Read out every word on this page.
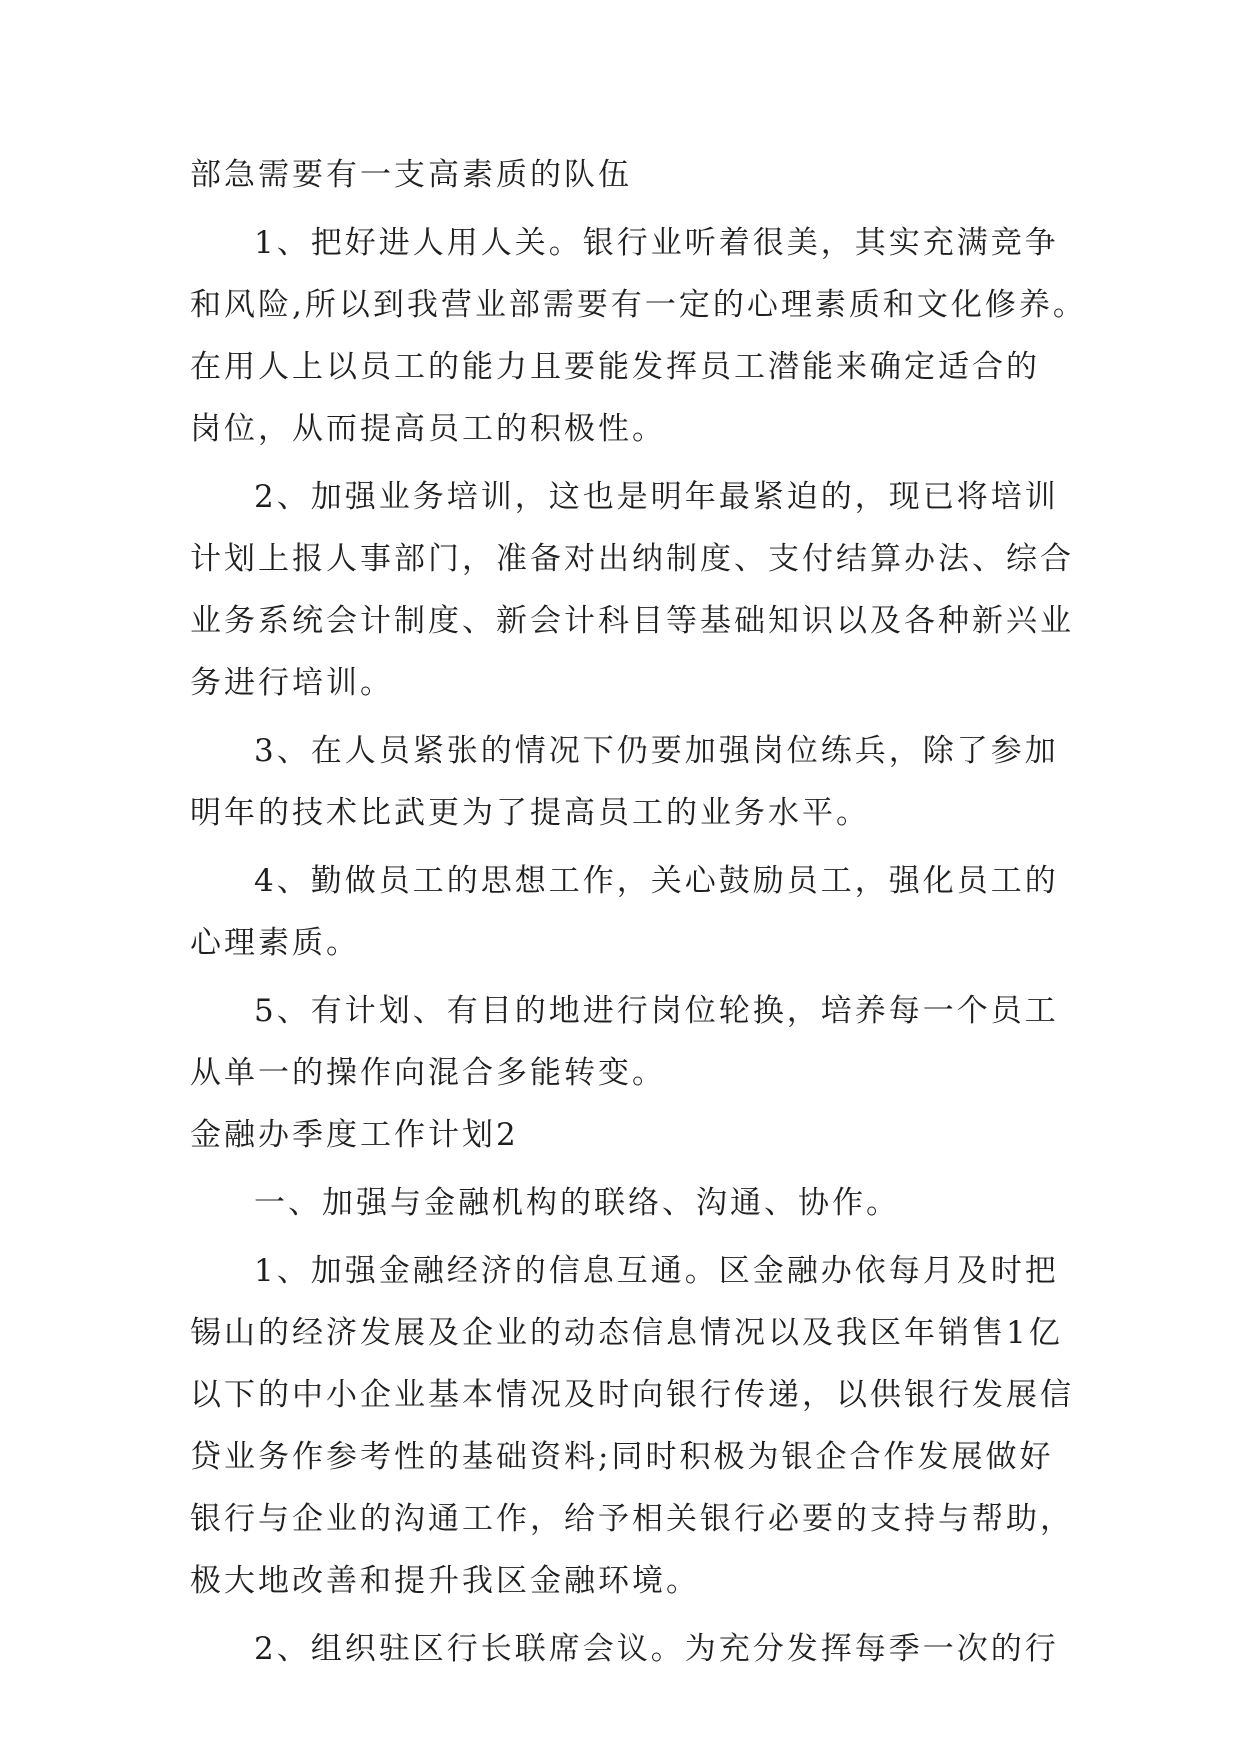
部急需要有一支高素质的队伍
1、把好进人用人关。银行业听着很美，其实充满竞争
和风险,所以到我营业部需要有一定的心理素质和文化修养。
在用人上以员工的能力且要能发挥员工潜能来确定适合的
岗位，从而提高员工的积极性。
2、加强业务培训，这也是明年最紧迫的，现已将培训
计划上报人事部门，准备对出纳制度、支付结算办法、综合
业务系统会计制度、新会计科目等基础知识以及各种新兴业
务进行培训。
3、在人员紧张的情况下仍要加强岗位练兵，除了参加
明年的技术比武更为了提高员工的业务水平。
4、勤做员工的思想工作，关心鼓励员工，强化员工的
心理素质。
5、有计划、有目的地进行岗位轮换，培养每一个员工
从单一的操作向混合多能转变。
金融办季度工作计划2
一、加强与金融机构的联络、沟通、协作。
1、加强金融经济的信息互通。区金融办依每月及时把
锡山的经济发展及企业的动态信息情况以及我区年销售1亿
以下的中小企业基本情况及时向银行传递，以供银行发展信
贷业务作参考性的基础资料;同时积极为银企合作发展做好
银行与企业的沟通工作，给予相关银行必要的支持与帮助，
极大地改善和提升我区金融环境。
2、组织驻区行长联席会议。为充分发挥每季一次的行
